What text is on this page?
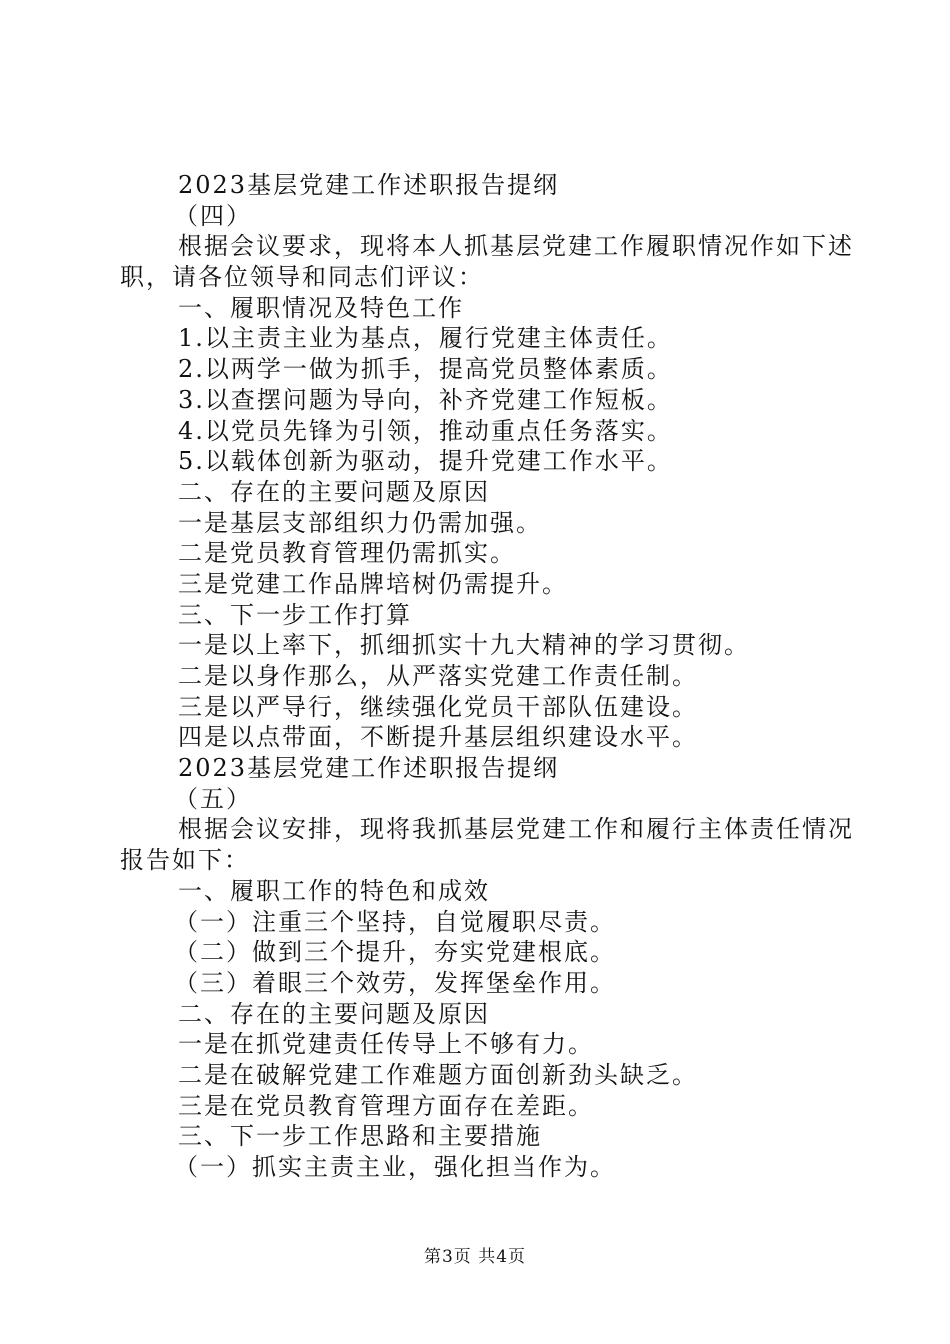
2023基层党建工作述职报告提纲
（四）
根据会议要求，现将本人抓基层党建工作履职情况作如下述
职，请各位领导和同志们评议：
一、履职情况及特色工作
1.以主责主业为基点，履行党建主体责任。
2.以两学一做为抓手，提高党员整体素质。
3.以查摆问题为导向，补齐党建工作短板。
4.以党员先锋为引领，推动重点任务落实。
5.以载体创新为驱动，提升党建工作水平。
二、存在的主要问题及原因
一是基层支部组织力仍需加强。
二是党员教育管理仍需抓实。
三是党建工作品牌培树仍需提升。
三、下一步工作打算
一是以上率下，抓细抓实十九大精神的学习贯彻。
二是以身作那么，从严落实党建工作责任制。
三是以严导行，继续强化党员干部队伍建设。
四是以点带面，不断提升基层组织建设水平。
2023基层党建工作述职报告提纲
（五）
根据会议安排，现将我抓基层党建工作和履行主体责任情况
报告如下：
一、履职工作的特色和成效
（一）注重三个坚持，自觉履职尽责。
（二）做到三个提升，夯实党建根底。
（三）着眼三个效劳，发挥堡垒作用。
二、存在的主要问题及原因
一是在抓党建责任传导上不够有力。
二是在破解党建工作难题方面创新劲头缺乏。
三是在党员教育管理方面存在差距。
三、下一步工作思路和主要措施
（一）抓实主责主业，强化担当作为。
第3页 共4页
